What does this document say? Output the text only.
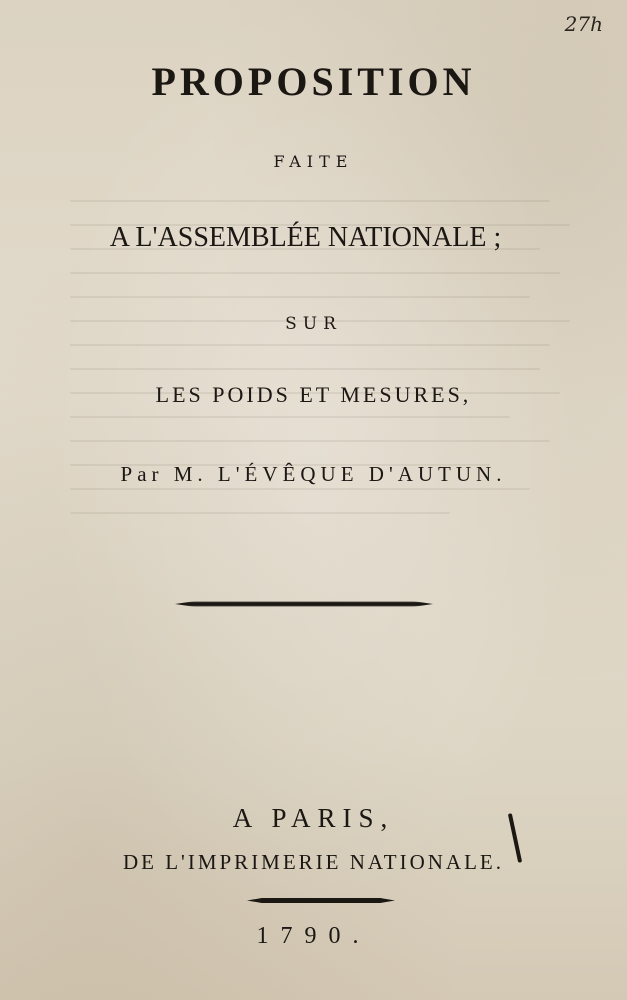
27h
PROPOSITION
FAITE
A L'ASSEMBLÉE NATIONALE ;
SUR
LES POIDS ET MESURES,
Par M. L'ÉVÊQUE D'AUTUN.
A PARIS,
DE L'IMPRIMERIE NATIONALE.
1790.
